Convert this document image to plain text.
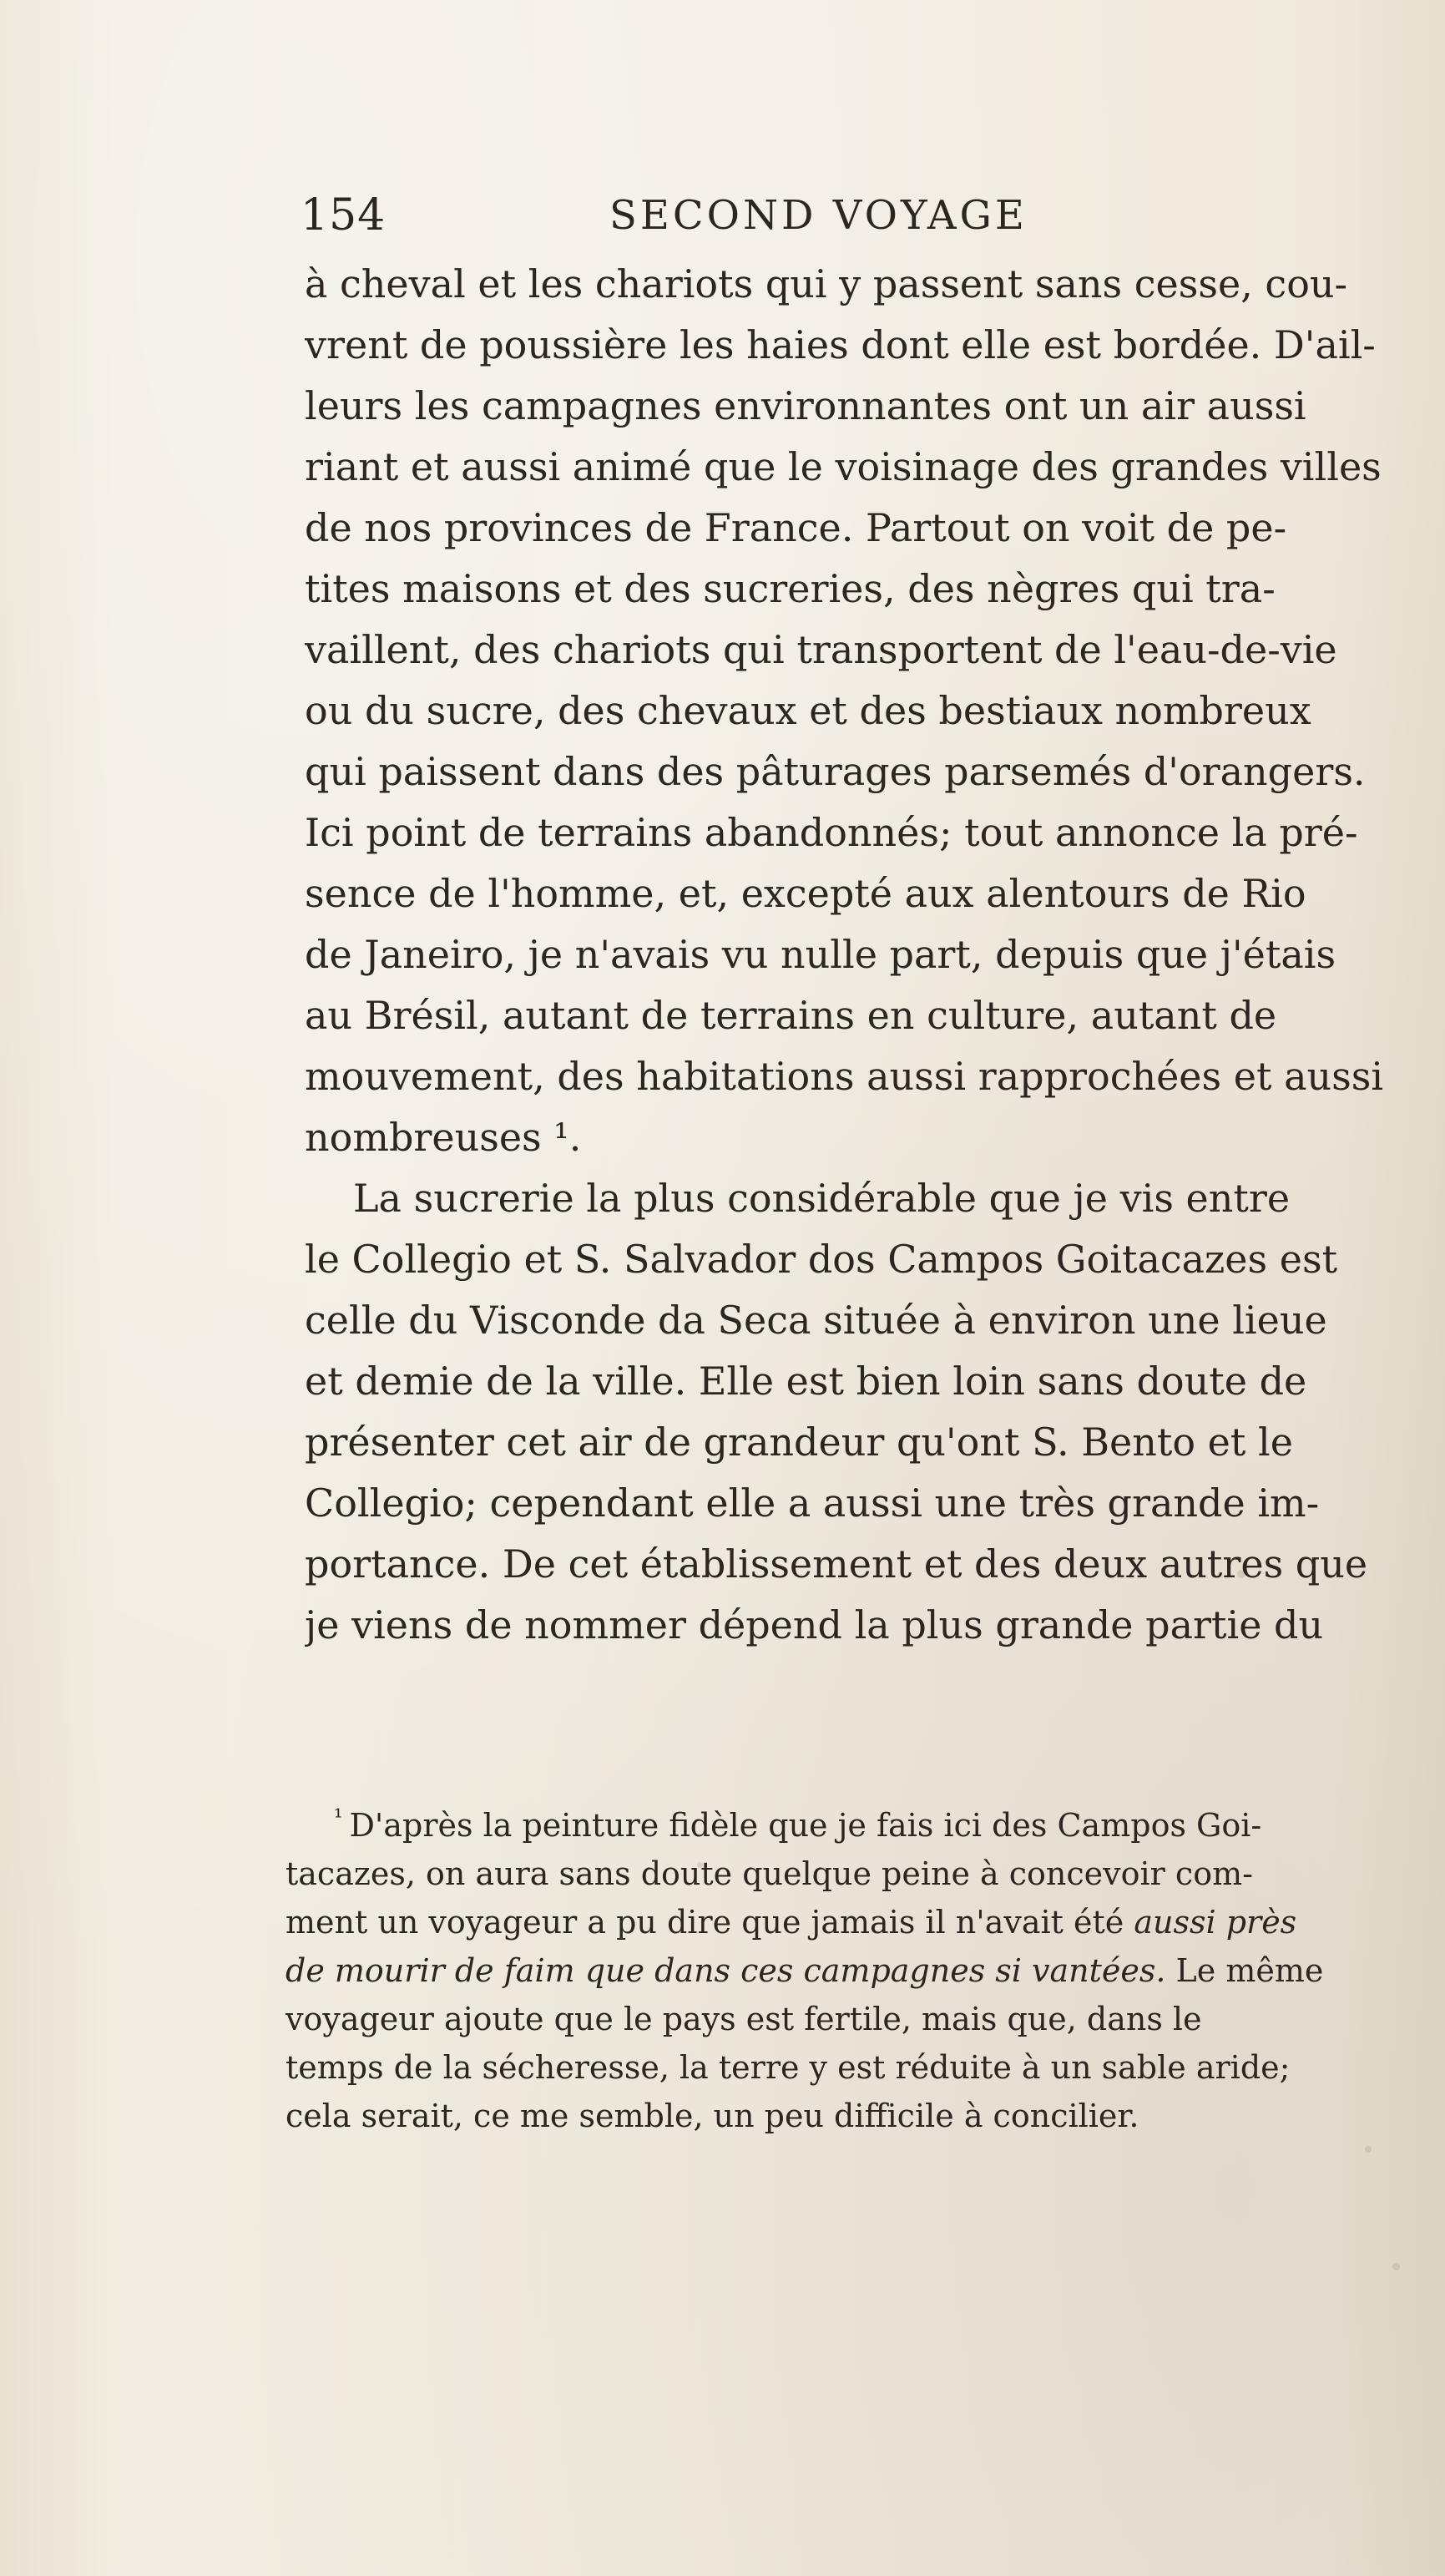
154	SECOND VOYAGE
à cheval et les chariots qui y passent sans cesse, cou-
vrent de poussière les haies dont elle est bordée. D'ail-
leurs les campagnes environnantes ont un air aussi
riant et aussi animé que le voisinage des grandes villes
de nos provinces de France. Partout on voit de pe-
tites maisons et des sucreries, des nègres qui tra-
vaillent, des chariots qui transportent de l'eau-de-vie
ou du sucre, des chevaux et des bestiaux nombreux
qui paissent dans des pâturages parsemés d'orangers.
Ici point de terrains abandonnés; tout annonce la pré-
sence de l'homme, et, excepté aux alentours de Rio
de Janeiro, je n'avais vu nulle part, depuis que j'étais
au Brésil, autant de terrains en culture, autant de
mouvement, des habitations aussi rapprochées et aussi
nombreuses ¹.
La sucrerie la plus considérable que je vis entre
le Collegio et S. Salvador dos Campos Goitacazes est
celle du Visconde da Seca située à environ une lieue
et demie de la ville. Elle est bien loin sans doute de
présenter cet air de grandeur qu'ont S. Bento et le
Collegio; cependant elle a aussi une très grande im-
portance. De cet établissement et des deux autres que
je viens de nommer dépend la plus grande partie du
$^{^1}$ D'après la peinture fidèle que je fais ici des Campos Goi-
tacazes, on aura sans doute quelque peine à concevoir com-
ment un voyageur a pu dire que jamais il n'avait été aussi près
de mourir de faim que dans ces campagnes si vantées. Le même
voyageur ajoute que le pays est fertile, mais que, dans le
temps de la sécheresse, la terre y est réduite à un sable aride;
cela serait, ce me semble, un peu difficile à concilier.
